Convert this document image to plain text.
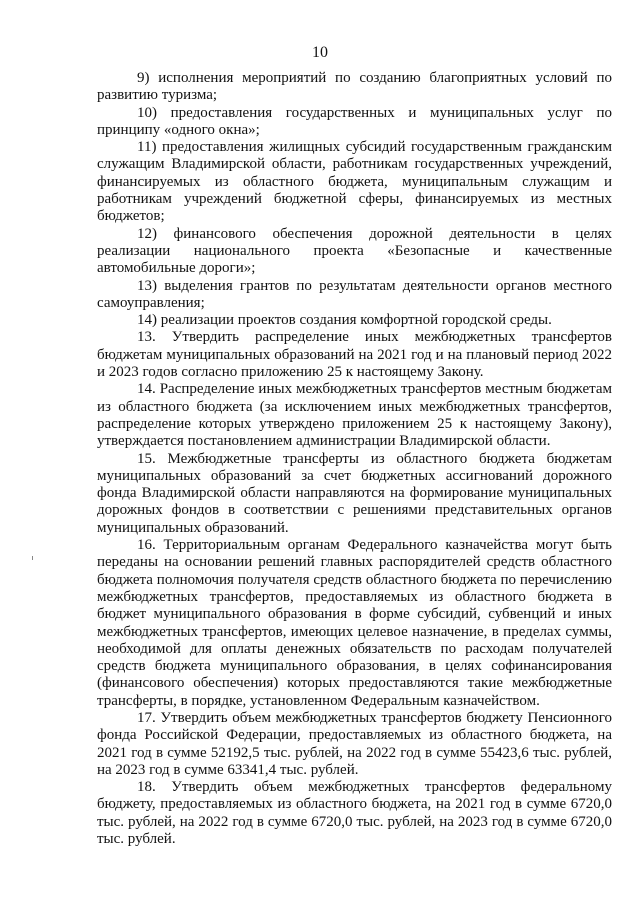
10

9) исполнения мероприятий по созданию благоприятных условий по развитию туризма;

10) предоставления государственных и муниципальных услуг по принципу «одного окна»;

11) предоставления жилищных субсидий государственным гражданским служащим Владимирской области, работникам государственных учреждений, финансируемых из областного бюджета, муниципальным служащим и работникам учреждений бюджетной сферы, финансируемых из местных бюджетов;

12) финансового обеспечения дорожной деятельности в целях реализации национального проекта «Безопасные и качественные автомобильные дороги»;

13) выделения грантов по результатам деятельности органов местного самоуправления;

14) реализации проектов создания комфортной городской среды.

13. Утвердить распределение иных межбюджетных трансфертов бюджетам муниципальных образований на 2021 год и на плановый период 2022 и 2023 годов согласно приложению 25 к настоящему Закону.

14. Распределение иных межбюджетных трансфертов местным бюджетам из областного бюджета (за исключением иных межбюджетных трансфертов, распределение которых утверждено приложением 25 к настоящему Закону), утверждается постановлением администрации Владимирской области.

15. Межбюджетные трансферты из областного бюджета бюджетам муниципальных образований за счет бюджетных ассигнований дорожного фонда Владимирской области направляются на формирование муниципальных дорожных фондов в соответствии с решениями представительных органов муниципальных образований.

16. Территориальным органам Федерального казначейства могут быть переданы на основании решений главных распорядителей средств областного бюджета полномочия получателя средств областного бюджета по перечислению межбюджетных трансфертов, предоставляемых из областного бюджета в бюджет муниципального образования в форме субсидий, субвенций и иных межбюджетных трансфертов, имеющих целевое назначение, в пределах суммы, необходимой для оплаты денежных обязательств по расходам получателей средств бюджета муниципального образования, в целях софинансирования (финансового обеспечения) которых предоставляются такие межбюджетные трансферты, в порядке, установленном Федеральным казначейством.

17. Утвердить объем межбюджетных трансфертов бюджету Пенсионного фонда Российской Федерации, предоставляемых из областного бюджета, на 2021 год в сумме 52192,5 тыс. рублей, на 2022 год в сумме 55423,6 тыс. рублей, на 2023 год в сумме 63341,4 тыс. рублей.

18. Утвердить объем межбюджетных трансфертов федеральному бюджету, предоставляемых из областного бюджета, на 2021 год в сумме 6720,0 тыс. рублей, на 2022 год в сумме 6720,0 тыс. рублей, на 2023 год в сумме 6720,0 тыс. рублей.
